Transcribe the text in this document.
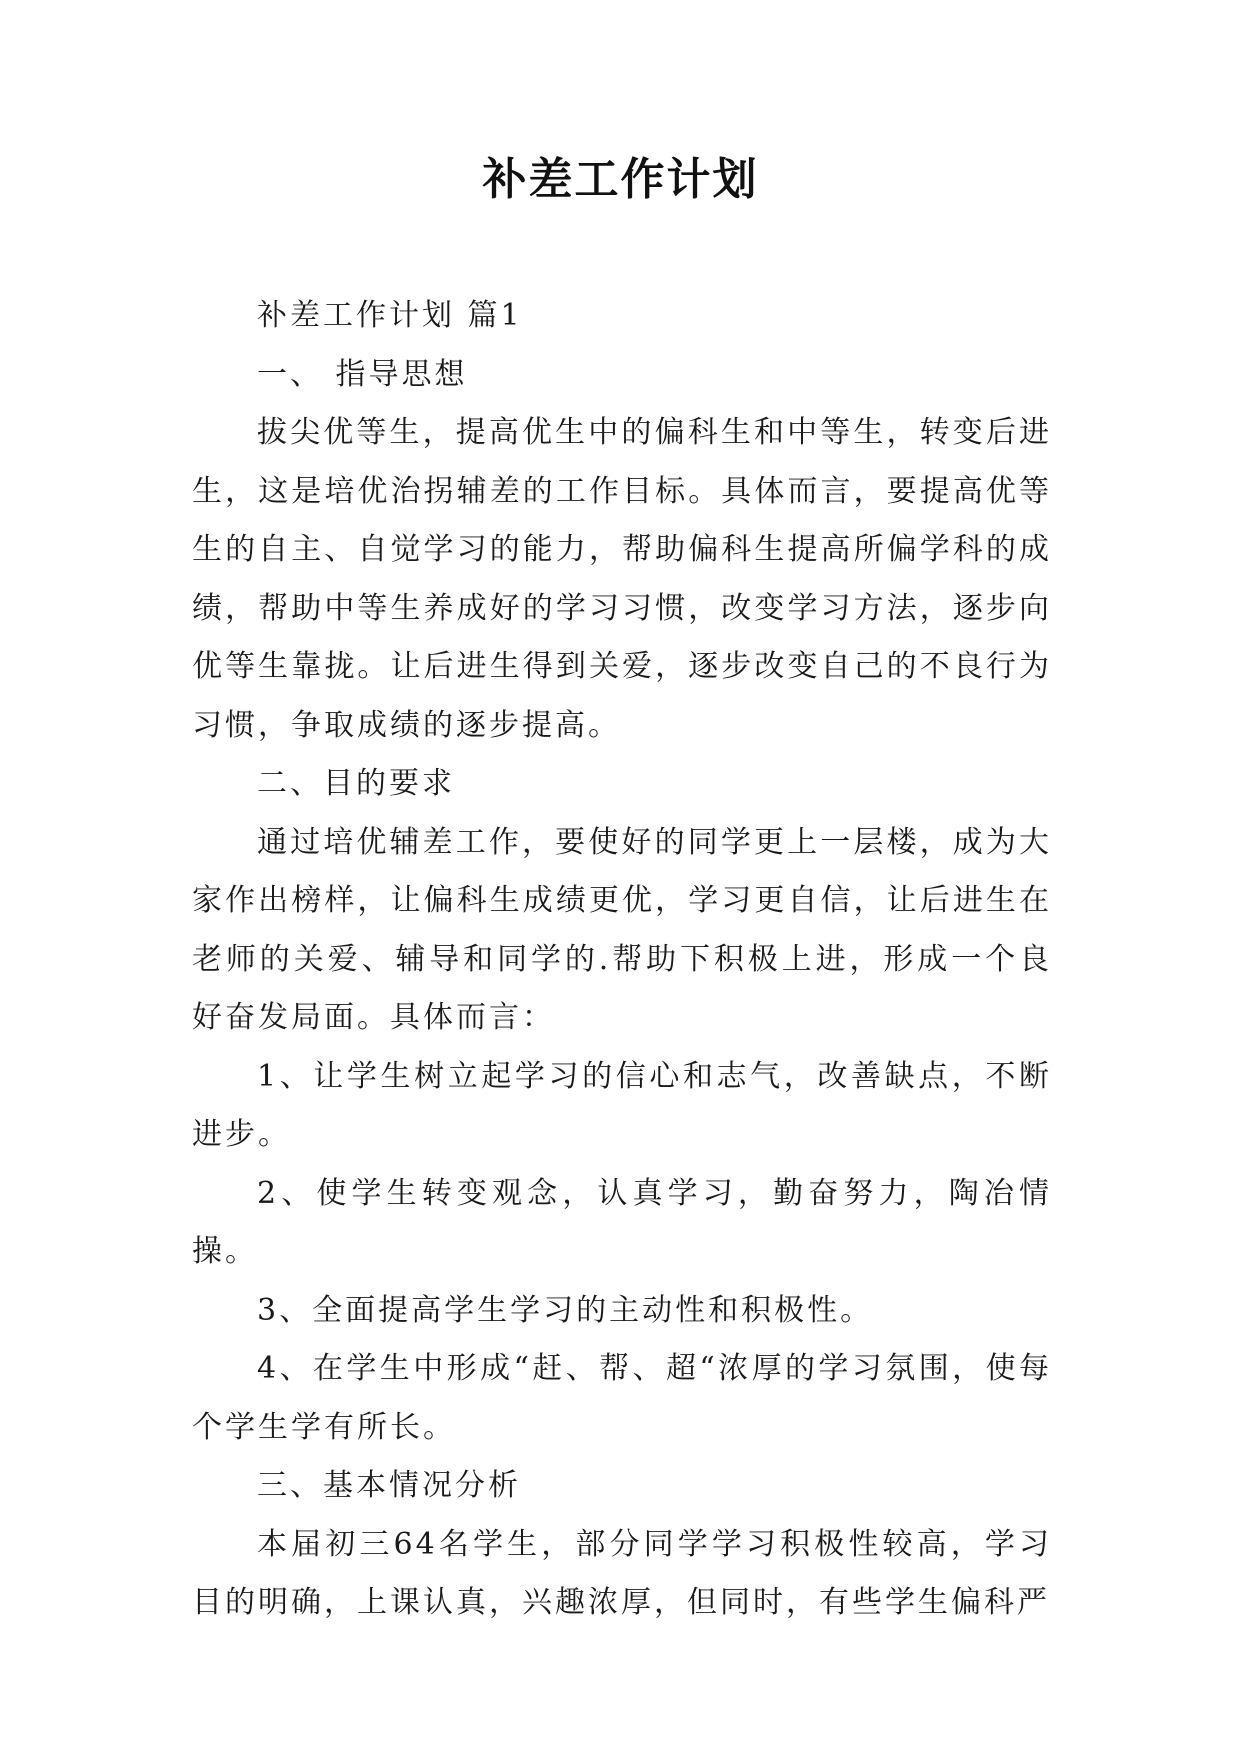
补差工作计划

补差工作计划 篇1

一、 指导思想

拔尖优等生，提高优生中的偏科生和中等生，转变后进生，这是培优治拐辅差的工作目标。具体而言，要提高优等生的自主、自觉学习的能力，帮助偏科生提高所偏学科的成绩，帮助中等生养成好的学习习惯，改变学习方法，逐步向优等生靠拢。让后进生得到关爱，逐步改变自己的不良行为习惯，争取成绩的逐步提高。

二、目的要求

通过培优辅差工作，要使好的同学更上一层楼，成为大家作出榜样，让偏科生成绩更优，学习更自信，让后进生在老师的关爱、辅导和同学的.帮助下积极上进，形成一个良好奋发局面。具体而言：

1、让学生树立起学习的信心和志气，改善缺点，不断进步。

2、使学生转变观念，认真学习，勤奋努力，陶冶情操。

3、全面提高学生学习的主动性和积极性。

4、在学生中形成“赶、帮、超“浓厚的学习氛围，使每个学生学有所长。

三、基本情况分析

本届初三64名学生，部分同学学习积极性较高，学习目的明确，上课认真，兴趣浓厚，但同时，有些学生偏科严
